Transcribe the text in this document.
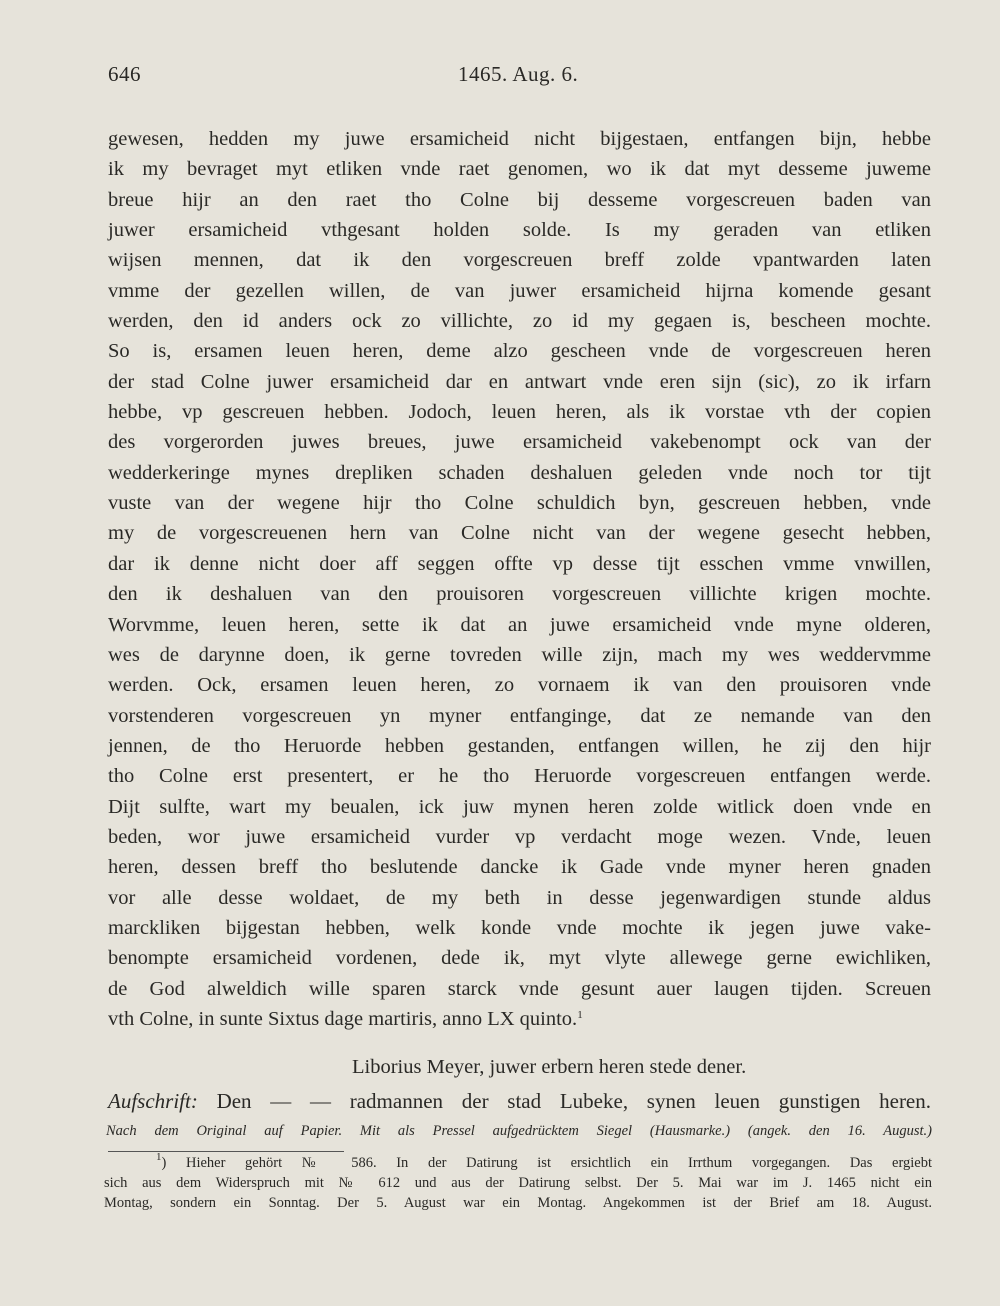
646	1465. Aug. 6.
gewesen, hedden my juwe ersamicheid nicht bijgestaen, entfangen bijn, hebbe
ik my bevraget myt etliken vnde raet genomen, wo ik dat myt desseme juweme
breue hijr an den raet tho Colne bij desseme vorgescreuen baden van
juwer ersamicheid vthgesant holden solde. Is my geraden van etliken
wijsen mennen, dat ik den vorgescreuen breff zolde vpantwarden laten
vmme der gezellen willen, de van juwer ersamicheid hijrna komende gesant
werden, den id anders ock zo villichte, zo id my gegaen is, bescheen mochte.
So is, ersamen leuen heren, deme alzo gescheen vnde de vorgescreuen heren
der stad Colne juwer ersamicheid dar en antwart vnde eren sijn (sic), zo ik irfarn
hebbe, vp gescreuen hebben. Jodoch, leuen heren, als ik vorstae vth der copien
des vorgerorden juwes breues, juwe ersamicheid vakebenompt ock van der
wedderkeringe mynes drepliken schaden deshaluen geleden vnde noch tor tijt
vuste van der wegene hijr tho Colne schuldich byn, gescreuen hebben, vnde
my de vorgescreuenen hern van Colne nicht van der wegene gesecht hebben,
dar ik denne nicht doer aff seggen offte vp desse tijt esschen vmme vnwillen,
den ik deshaluen van den prouisoren vorgescreuen villichte krigen mochte.
Worvmme, leuen heren, sette ik dat an juwe ersamicheid vnde myne olderen,
wes de darynne doen, ik gerne tovreden wille zijn, mach my wes weddervmme
werden. Ock, ersamen leuen heren, zo vornaem ik van den prouisoren vnde
vorstenderen vorgescreuen yn myner entfanginge, dat ze nemande van den
jennen, de tho Heruorde hebben gestanden, entfangen willen, he zij den hijr
tho Colne erst presentert, er he tho Heruorde vorgescreuen entfangen werde.
Dijt sulfte, wart my beualen, ick juw mynen heren zolde witlick doen vnde en
beden, wor juwe ersamicheid vurder vp verdacht moge wezen. Vnde, leuen
heren, dessen breff tho beslutende dancke ik Gade vnde myner heren gnaden
vor alle desse woldaet, de my beth in desse jegenwardigen stunde aldus
marckliken bijgestan hebben, welk konde vnde mochte ik jegen juwe vake-
benompte ersamicheid vordenen, dede ik, myt vlyte allewegе gerne ewichliken,
de God alweldich wille sparen starck vnde gesunt auer laugen tijden. Screuen
vth Colne, in sunte Sixtus dage martiris, anno LX quinto.$^1$
Liborius Meyer, juwer erbern heren stede dener.
Aufschrift: Den — — radmannen der stad Lubeke, synen leuen gunstigen heren.
Nach dem Original auf Papier. Mit als Pressel aufgedrücktem Siegel (Hausmarke.) (angek. den 16. August.)
$^1$) Hieher gehört № 586. In der Datirung ist ersichtlich ein Irrthum vorgegangen. Das ergiebt
sich aus dem Widerspruch mit № 612 und aus der Datirung selbst. Der 5. Mai war im J. 1465 nicht ein
Montag, sondern ein Sonntag. Der 5. August war ein Montag. Angekommen ist der Brief am 18. August.
